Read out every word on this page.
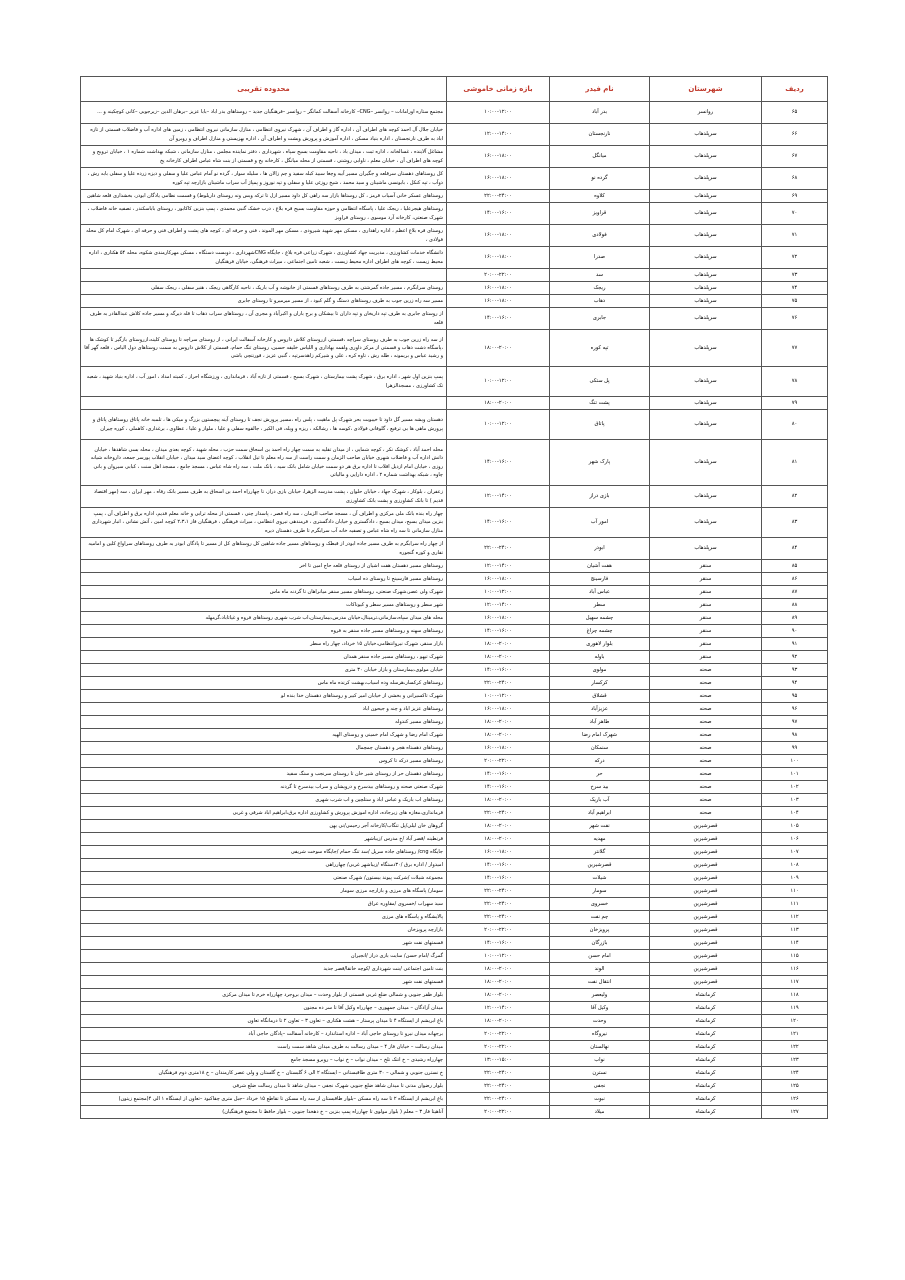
ردیف	شهرستان	نام فیدر	بازه زمانی خاموشی	محدوده تقریبی
۶۵	روانسر	بدر آباد	۱۰:۰۰-۱۲:۰۰	مجتمع ستاره اورامانات – روانسر –CNG– کارخانه آسفالت کمانگر – روانسر –فرهنگیان جدید – روستاهای بدر اباد –بابا عزیز –برهان الدین –زیرجوبی –کانی کوچکینه و ...
۶۶	سرپلذهاب	نارنجستان	۱۲:۰۰-۱۴:۰۰	خیابان جلال آل احمد کوچه های اطراف آن ، اداره گاز و اطراف آن ، شهرک نیروی انتظامی ، منازل سازمانی نیروی انتظامی ، زمین های اداره آب و فاضلاب قسمتی از تازه اباد به طرف نارنجستان ، اداره بنیاد مسکن ، اداره آموزش و پرورش ویشت و اطراف آن ، اداره بهزیستی و منازل اطراف و روبرو آن
۶۷	سرپلذهاب	میانگل	۱۶:۰۰-۱۸:۰۰	مشاغل آلاینده ، غسالخانه ، اداره ثبت ، میدان باد ، ناحیه مقاومت بسیج سپاه ، شهرداری ، دفتر نماینده مجلس ، منازل سازمانی ، شبکه بهداشت شماره ۱ ، خیابان ترویج و کوچه های اطراف آن ، خیابان معلم ، ناوابی روشنی ، قسمتی از محله میانگل ، کارخانه یخ و قسمتی از بنت شاه عباس اطراف کارخانه یخ
۶۸	سرپلذهاب	گرده نو	۱۶:۰۰-۱۸:۰۰	کل روستاهای دهستان سرقلعه و جگیران مسیر آبیه وچغا سبید کبله سفید و چم زالان ها ، سلیله سوار ، گرده نو آمام عباس علیا و سفلی و دیزه زرده علیا و سفلی بابه رش ، ذوآب ، تپه کنکل ، بابونسی ماشینان و سید محمد ، شیخ روزئی علیا و سفلی و تپه نوروز و پمپاژ آب سراب ماشینان بازارچه تپه کوره
۶۹	سرپلذهاب	کلاوه	۲۲:۰۰-۲۴:۰۰	روستاهای عسکر خانی آسیاب قرمز ، کل روستاها بازار سه راهی کل داود مسیر ازل تا ترکه ویس ونه روستای داربلوط) و قسمت نظامی یادگان ابوذر، بخشداری قلعه شاهین
۷۰	سرپلذهاب	قراویز	۱۴:۰۰-۱۶:۰۰	روستاهای هیجرعلیا ، ریجک علیا ، پاسگاه انتظامی و حوزه مقاومت بسیج قره بلاغ ، درب خشک گنبی محمدی ، پمپ بنزین کاکابور ، روستای باباسکندر ، تصفیه خانه فاضلاب ، شهرک صنعتی، کارخانه آرد موسوی ، روستای قراویز
۷۱	سرپلذهاب	فولادی	۱۶:۰۰-۱۸:۰۰	روستای قره بلاغ اعظم ، اداره راهداری ، مسکن مهر شهید شیرودی ، مسکن مهر الموند ، فنی و حرفه ای ، کوچه های پشت و اطراف فنی و حرفه ای ، شهرک امام کل محله فولادی ،
۷۲	سرپلذهاب	صدرا	۱۶:۰۰-۱۸:۰۰	دانشگاه خدمات کشاورزی ، مدیریت جهاد کشاورزی ، شهرک زراعی قره بلاغ ، جایگاه CNGشهرداری ، دوبست دستگاه ، مسکن مهرکارمندی شکوه، محله ۵۴ هکتاری ، اداره محیط زیست ، کوچه های اطراف اداره محیط زیست ، شعبه تامین اجتماعی ، میراث فرهنگی، خیابان فرهنگیان
۷۳	سرپلذهاب	سد	۲۰:۰۰-۲۲:۰۰	
۷۴	سرپلذهاب	ریجک	۱۶:۰۰-۱۸:۰۰	روستای سرابگرم ، مسیر جاده گمرشتی به طرف روستاهای قسمتی از خانوشه و آب باریک ، ناحیه کارگاهی ریجک ، هنیر سفلی ، ریجک سفلی
۷۵	سرپلذهاب	ذهاب	۱۶:۰۰-۱۸:۰۰	مسیر سه راه زرین جوب به طرف روستاهای دستگ و گلم کبود ، از مسیر میرمیرو تا روستای جابری
۷۶	سرپلذهاب	جابری	۱۴:۰۰-۱۶:۰۰	از روستای جابری به طرف تپه داریخان و تپه داران تا بیشکان و برج باران و اکبرآباد و مجری آن ، روستاهای سراب ذهاب تا قله دیرگه و مسیر جاده کلاش عبدالقادر به طرف قلعه
۷۷	سرپلذهاب	تپه کوره	۱۸:۰۰-۲۰:۰۰	از سه راه زرین جوب به طرف روستای سراچه ،قسمتی ازروستای کلاش داروس و کارخانه آسفالت ایرانی ، از روستای سراچه تا روستای کلینه،ازروستای بازگیر تا کوشک ها ،پاسگاه دشت ذهاب و قسمتی از مرکز داوری ولقمه بهاداری و اللیاس خلیقه حسین، روستای تنگ حمام، قسمتی از کلاش داروس به سمت روستاهای دول الیاس ، قلعه گهر آقا و رشید عباس و بربمونه ، طله رش ، تاوه کره ، علی و شیرکم زاهدسرتپه ، گنبی عزیز ، قورنتچی باشی
۷۸	سرپلذهاب	پل ستکی	۱۰:۰۰-۱۲:۰۰	پمپ بنزین اول شهر ، اداره برق ، شهرک پشت بیمارستان ، شهرک بسیج ، قسمتی از تازه آباد ، فرمانداری ، ورزشگاه احراز ، کمیته امداد ، امور آب ، اداره بنیاد شهید ، شعبه تک کشاورزی ، مسجدالزهرا
۷۹	سرپلذهاب	پشت تنگ	۱۸:۰۰-۲۰:۰۰	
۸۰	سرپلذهاب	پاتاق	۱۰:۰۰-۱۲:۰۰	دهستان ویشه مسیر گل داود تا خیبوبت بحر شهرک پل ماهیت ، پلس راه ،مسیر پرورش نجف تا روستای آینه پیچستون بزرگ و میکی ها ، تلمبه خانه پاتاق روستاهای پاتاق و پرورش ماهی ها بی ترفیع ، گلوفانی فولادی ،کوسه ها ، رشالکه ، ریزه و ویله، فی الکیر ، جالقوه سفلی و علیا ، ملواز و علیا ، عطاوی ، برغداری، کاهملی ، کوره چیران
۸۱	سرپلذهاب	پارک شهر	۱۴:۰۰-۱۶:۰۰	محله احمد آباد ، کوشک نکر ، کوچه شمایی ، از میدان تقلیه به سمت چهار راه احمد بن اسحاق سمت حزب ، محله شهید ، کوچه بعدی میدان ، محله بسی شاهدها ، خیابان دانش اداره آب و فاضلاب شهری خیابان صاحب الزمان و سمت راست از سه راه معلم تا تیل انقلاب ، کوچه اعضای سید میدان ، خیابان انقلاب پورسر جمعه، داروخانه شیانه روزی ، خیابان امام ازدیل اقلاب تا اداره برق هر دو سمت خیابان شامل بانک سیه ، بانک ملت ، سه راه شاه عباس ، مسجد جامع ، مسجد اهل سنت ، کبابی سیروان و بانی چاوه ، شبکه بهداشت شماره ۲ ، اداره دارایی و مالیاتی
۸۲	سرپلذهاب	بازی دراز	۱۲:۰۰-۱۴:۰۰	زعفران ، بلوکار ، شهرک جهاد ، خیابان حلوان ، پشت مدرسه الزهرا، خیابان بازی دراز، تا چهارراه احمد بن اسحاق به طرف مسیر بانک رفاه ، مهر ایران ، سه (مهر اقتصاد قدیم ) تا بانک کشاورزی و پشت بانک کشاورزی
۸۳	سرپلذهاب	امور آب	۱۴:۰۰-۱۶:۰۰	چهار راه بنده بانک ملی مرکزی و اطراف آن ، مسجد صاحب الزمان ، سه راه قصر ، پاسدار چنی ، قسمتی از محله ترابی و خانه معلم قدیم، اداره برق و اطراف آن ، پمپ بنزین میدان بسیج، میدان بسیج ، دادگستری و خیابان دادگستری ، فرمندهی نیروی انتظامی ، میراث فرهنگی ، فرهنگیان فاز ۲،۳،۱ کوچه امین ، آتش نشانی ، انبار شهرداری منازل سازمانی تا سه راه شاه عباس و تصفیه خانه آب سرابگرم تا طرف دهستان دیره
۸۴	سرپلذهاب	ابوذر	۲۲:۰۰-۲۴:۰۰	از چهار راه سرابگرم به طرف مسیر جاده ابوذر از قبطک و روستاهای مسیر جاده شاهین کل روستاهای کل از مسیر تا پادگان ابوذر به طرف روستاهای سراواغ کلین و امامیه تفاری و کوره گنجوره
۸۵	سنقر	هفت آشیان	۱۲:۰۰-۱۴:۰۰	روستاهای مسیر دهستان هفت اشیان از روستای قلعه حاج امین تا اخر
۸۶	سنقر	فارسینج	۱۶:۰۰-۱۸:۰۰	روستاهای مسیر فارسینج تا روستای ده اسیاب
۸۷	سنقر	عباس آباد	۱۰:۰۰-۱۲:۰۰	شهرک ولی عصر،شهرک صنعتی، روستاهای مسیر سنقر میانراهان تا گردنه ماه ماس
۸۸	سنقر	سطر	۱۲:۰۰-۱۴:۰۰	شهر سطر و روستاهای مسیر سطر و کیوناکات
۸۹	سنقر	چشمه سهیل	۱۶:۰۰-۱۸:۰۰	محله های میدان سپاه،سازمانی،ترمینال،خیابان مدرس،بیمارستان،اب شرب شهری روستاهای فروه و غیاثاباد،گرمهله
۹۰	سنقر	چشمه چراغ	۱۴:۰۰-۱۶:۰۰	روستاهای سهنه و روستاهای مسیر جاده سنقر به فروه
۹۱	سنقر	بلوار لاهوری	۱۸:۰۰-۲۰:۰۰	بازار سنقر، شهرک نیروانتظامی،خیابان ۱۵ خرداد، چهار راه سطر
۹۲	سنقر	باوله	۱۸:۰۰-۲۰:۰۰	شهرک تیهو ، روستاهای مسیر جاده سنقر همدان
۹۳	صحنه	مولوی	۱۴:۰۰-۱۶:۰۰	خیابان مولوی،بیمارستان و بازار خیابان ۳۰ متری
۹۴	صحنه	کرکسار	۲۲:۰۰-۲۴:۰۰	روستاهای کرکسار،هرسله وده اسیاب،بهشت کرنده ماه ماس
۹۵	صحنه	قشلاق	۱۰:۰۰-۱۲:۰۰	شهرک تاکسیرانی و بخشی از خیابان امیر کبیر و روستاهای دهستان خدا بنده لو
۹۶	صحنه	عزیزآباد	۱۶:۰۰-۱۸:۰۰	روستاهای عزیز اباد و چنه و جیحون اباد
۹۷	صحنه	طاهر آباد	۱۸:۰۰-۲۰:۰۰	روستاهای مسیر کندوله
۹۸	صحنه	شهرک امام رضا	۱۸:۰۰-۲۰:۰۰	شهرک امام رضا و شهرک امام خمینی و روستای الهیه
۹۹	صحنه	سنمکان	۱۶:۰۰-۱۸:۰۰	روستاهای دهستاه هجر و دهستان چمچمال
۱۰۰	صحنه	درکه	۲۰:۰۰-۲۲:۰۰	روستاهای مسیر درکه تا کروس
۱۰۱	صحنه	حر	۱۴:۰۰-۱۶:۰۰	روستاهای دهستان حر از روستای شیر خان تا روستای سرنجب و سنگ سفید
۱۰۲	صحنه	بید سرخ	۱۴:۰۰-۱۶:۰۰	شهرک صنعتی صحنه و روستاهای بیدسرخ و درویشان و سراب بیدسرخ تا گردنه
۱۰۳	صحنه	آب باریک	۱۸:۰۰-۲۰:۰۰	روستاهای اب باریک و عباس اباد و ستلچین و اب شرب شهری
۱۰۴	صحنه	ابراهیم آباد	۲۲:۰۰-۲۴:۰۰	فرمانداری،مغازه های زیرجاده، اداره اموزش پرورش و کشاورزی اداره برق،ابراهیم اباد شرقی و غربی
۱۰۵	قصرشیرین	نفت شهر	۱۸:۰۰-۲۰:۰۰	گروهان خان لیلی/پل تنگاب/کارخانه آجر رحیمی/نی بهن
۱۰۶	قصرشیرین	مهدیه	۱۸:۰۰-۲۰:۰۰	فرنطینه /قصر آباد /خ مدرس /زیباشهر
۱۰۷	قصرشیرین	گلانتر	۱۶:۰۰-۱۸:۰۰	جایگاه cng/ روستاهای جاده سرپل /سد تنگ حمام /جایگاه سوخت شریفی
۱۰۸	قصرشیرین	قصرشیرین	۱۴:۰۰-۱۶:۰۰	امیدوار / اداره برق /۳۰دستگاه /زیباشهر غربی/ چهارراهی
۱۰۹	قصرشیرین	شیلات	۱۴:۰۰-۱۶:۰۰	مجموعه شیلات /شرکت پیوند بیستون/ شهرک صنعتی
۱۱۰	قصرشیرین	سومار	۲۲:۰۰-۲۴:۰۰	سومار/ پاسگاه های مرزی و بازارچه مرزی سومار
۱۱۱	قصرشیرین	خسروی	۲۲:۰۰-۲۴:۰۰	سید سهراب /خسروی /مقاوره عراق
۱۱۲	قصرشیرین	چم نفت	۲۲:۰۰-۲۴:۰۰	پالایشگاه و پاسگاه های مرزی
۱۱۳	قصرشیرین	پرویزخان	۲۰:۰۰-۲۲:۰۰	بازارچه پرویزخان
۱۱۴	قصرشیرین	بازرگان	۱۴:۰۰-۱۶:۰۰	قسمتهای نفت شهر
۱۱۵	قصرشیرین	امام حسن	۱۰:۰۰-۱۲:۰۰	گمرگ /امام حسن/ سایت بازی دراز /انجیران
۱۱۶	قصرشیرین	الوند	۱۸:۰۰-۲۰:۰۰	بنت تامین اجتماعی /بنت شهرداری /کوچه خانقا/قصر جدید
۱۱۷	قصرشیرین	انتقال نفت	۱۸:۰۰-۲۰:۰۰	قسمتهای نفت شهر
۱۱۸	کرمانشاه	ولیعصر	۱۸:۰۰-۲۰:۰۰	بلوار ظفر جنوبی و شمالی ضلع غربی قسمتی از بلوار وحدت – میدان بروجرد چهارراه خرم تا میدان مرکزی
۱۱۹	کرمانشاه	وکیل آقا	۱۲:۰۰-۱۴:۰۰	میدان آزادگان – میدان جمهوری – چهارراه وکیل آقا تا سر ده مجنون
۱۲۰	کرمانشاه	وحدت	۱۸:۰۰-۲۰:۰۰	باغ ابریشم از ایستگاه ۴ تا میدان پرستار – هشت هکتاری – تعاون ۳ – تعاون ۲ تا درمانگاه تعاون
۱۲۱	کرمانشاه	نیروگاه	۲۰:۰۰-۲۲:۰۰	برجهانه میدان نیرو تا روستای حاجی آباد – اداره استاندارد – کارخانه آسفالت –پادگان حاجی آباد
۱۲۲	کرمانشاه	نهالستان	۲۰:۰۰-۲۲:۰۰	میدان رسالت – خیابان فاز ۴ – میدان رسالت به طرف میدان شاهد سمت راست
۱۲۳	کرمانشاه	نواب	۱۳:۰۰-۱۵:۰۰	چهارراه رشیدی – خ انتک تلخ – میدان نواب – خ نواب – روبرو مسجد جامع
۱۲۴	کرمانشاه	نسترن	۲۲:۰۰-۲۴:۰۰	خ نسترن جنوبی و شمالی – ۳۰ متری طاقبستانی – ایستگاه ۲ الی ۶ گلبستان – خ گلستان و ولی عصر کارمندان – خ ۱۸متری دوم فرهنگیان
۱۲۵	کرمانشاه	نجفی	۲۲:۰۰-۲۴:۰۰	بلوار رضوان مدنی تا میدان شاهد ضلع جنوبی شهرک نجفی – میدان شاهد تا میدان رسالت ضلع شرقی
۱۲۶	کرمانشاه	نبوت	۲۲:۰۰-۲۴:۰۰	باغ ابریشم از ایستگاه ۲ تا سه راه مسکن –بلوار طاقبستان از سه راه مسکن تا تقاطع ۱۵ خرداد –جبل متری چقاکبود –تعاون از ایستگاه ۱ الی ۴(مجتمع زیتون)
۱۲۷	کرمانشاه	میلاد	۲۰:۰۰-۲۲:۰۰	آناهیتا فاز ۳ – معلم ( بلوار مولوی تا چهارراه پمپ بنزین – خ دهخدا جنوبی – بلوار حافظ تا مجتمع فرهنگیان)
